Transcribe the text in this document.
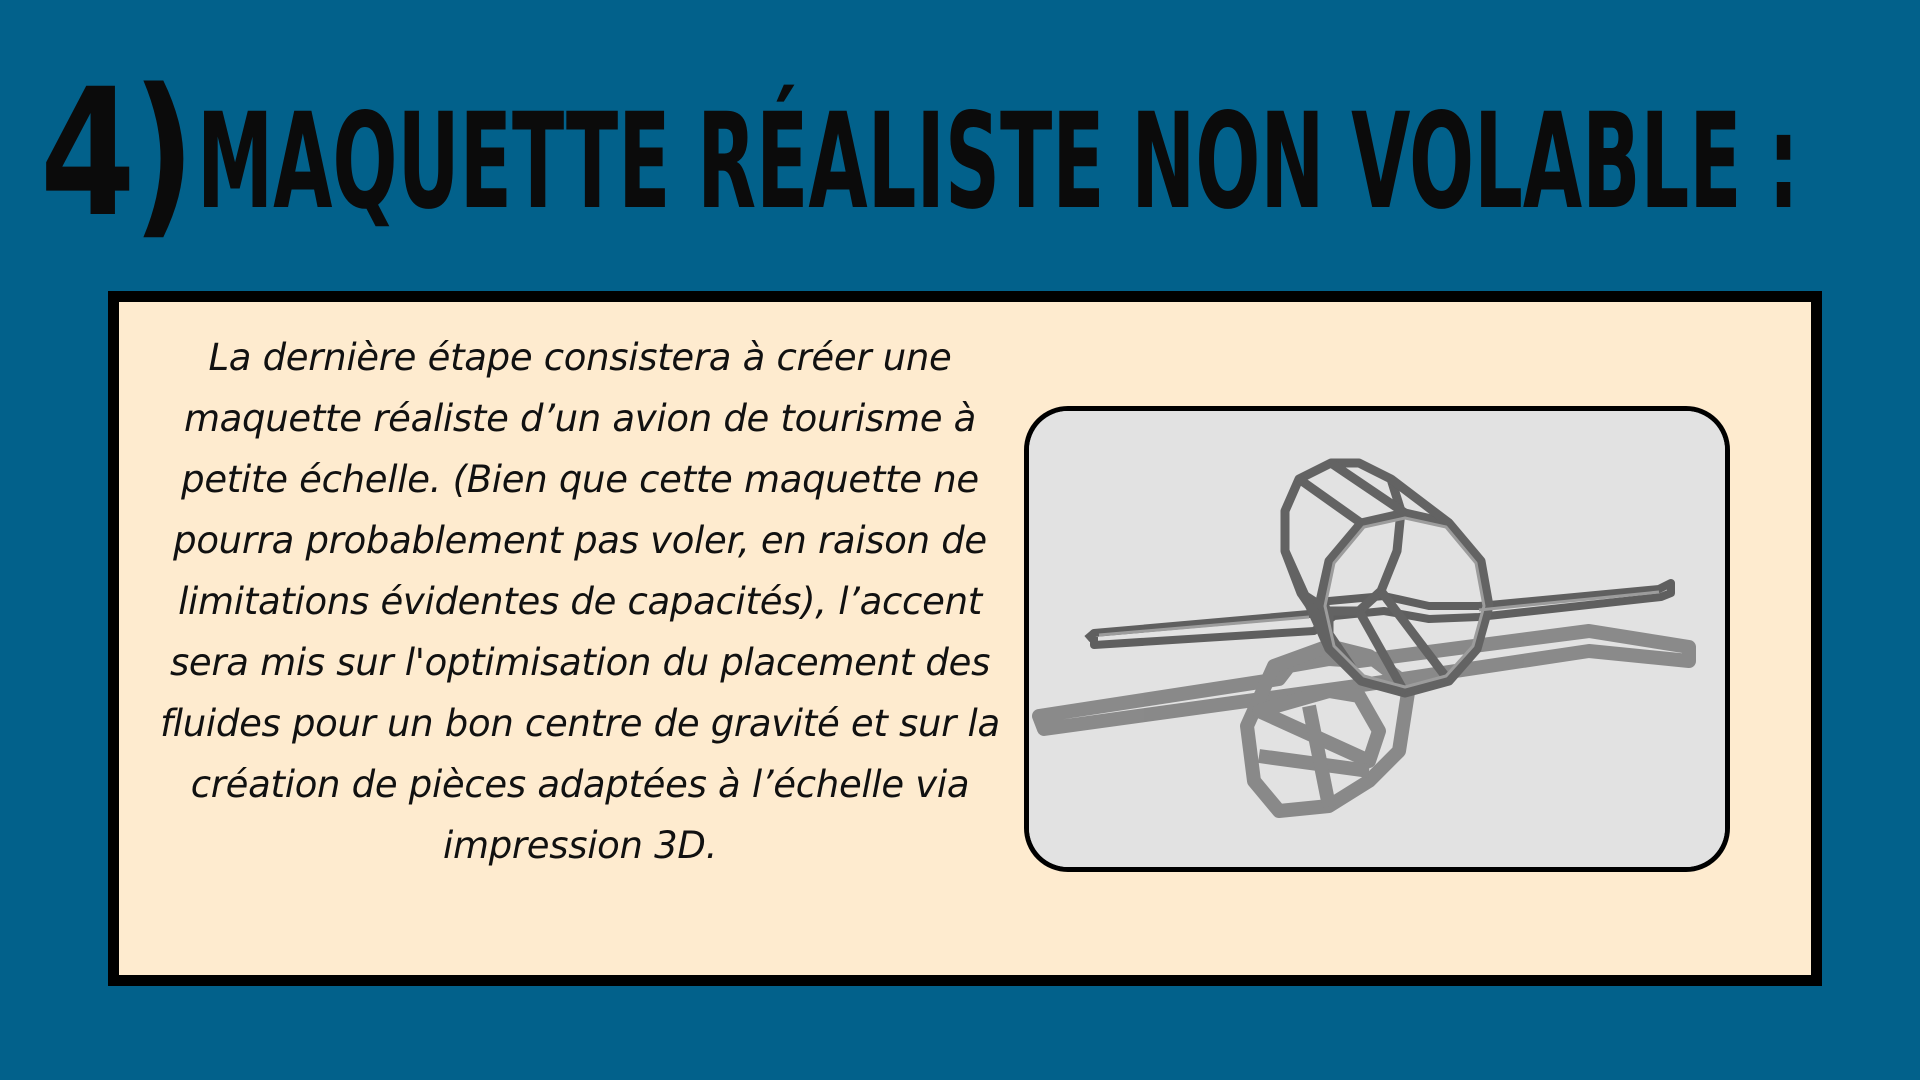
4) MAQUETTE RÉALISTE NON VOLABLE :

La dernière étape consistera à créer une maquette réaliste d’un avion de tourisme à petite échelle. (Bien que cette maquette ne pourra probablement pas voler, en raison de limitations évidentes de capacités), l’accent sera mis sur l'optimisation du placement des fluides pour un bon centre de gravité et sur la création de pièces adaptées à l’échelle via impression 3D.
